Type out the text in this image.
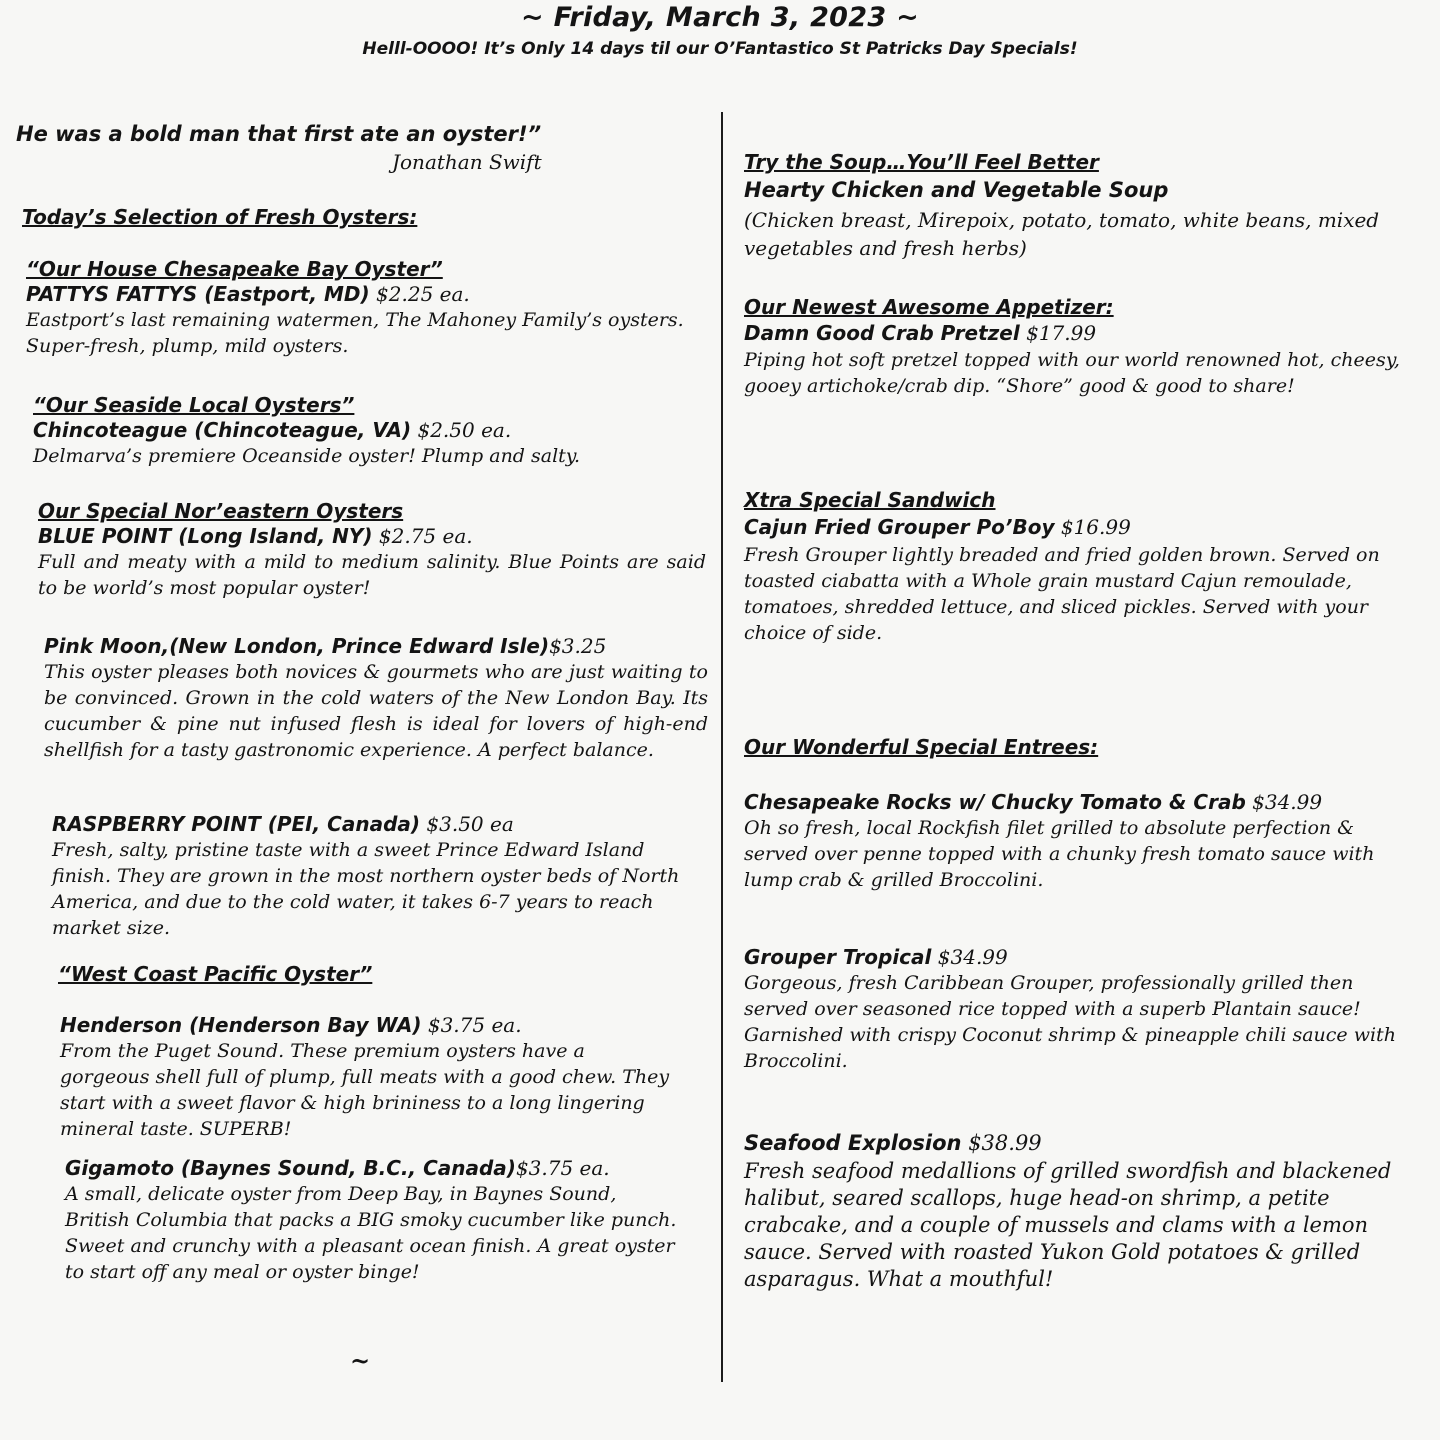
~ Friday, March 3, 2023 ~
Helll-OOOO! It’s Only 14 days til our O’Fantastico St Patricks Day Specials!
He was a bold man that first ate an oyster!”
Jonathan Swift
Today’s Selection of Fresh Oysters:
“Our House Chesapeake Bay Oyster”
PATTYS FATTYS (Eastport, MD) $2.25 ea.
Eastport’s last remaining watermen, The Mahoney Family’s oysters. Super-fresh, plump, mild oysters.
“Our Seaside Local Oysters”
Chincoteague (Chincoteague, VA) $2.50 ea.
Delmarva’s premiere Oceanside oyster! Plump and salty.
Our Special Nor’eastern Oysters
BLUE POINT (Long Island, NY) $2.75 ea.
Full and meaty with a mild to medium salinity. Blue Points are said to be world’s most popular oyster!
Pink Moon,(New London, Prince Edward Isle)$3.25
This oyster pleases both novices & gourmets who are just waiting to be convinced. Grown in the cold waters of the New London Bay. Its cucumber & pine nut infused flesh is ideal for lovers of high-end shellfish for a tasty gastronomic experience. A perfect balance.
RASPBERRY POINT (PEI, Canada) $3.50 ea
Fresh, salty, pristine taste with a sweet Prince Edward Island finish. They are grown in the most northern oyster beds of North America, and due to the cold water, it takes 6-7 years to reach market size.
“West Coast Pacific Oyster”
Henderson (Henderson Bay WA) $3.75 ea.
From the Puget Sound. These premium oysters have a gorgeous shell full of plump, full meats with a good chew. They start with a sweet flavor & high brininess to a long lingering mineral taste. SUPERB!
Gigamoto (Baynes Sound, B.C., Canada)$3.75 ea.
A small, delicate oyster from Deep Bay, in Baynes Sound, British Columbia that packs a BIG smoky cucumber like punch. Sweet and crunchy with a pleasant ocean finish. A great oyster to start off any meal or oyster binge!
~
Try the Soup…You’ll Feel Better
Hearty Chicken and Vegetable Soup
(Chicken breast, Mirepoix, potato, tomato, white beans, mixed vegetables and fresh herbs)
Our Newest Awesome Appetizer:
Damn Good Crab Pretzel $17.99
Piping hot soft pretzel topped with our world renowned hot, cheesy, gooey artichoke/crab dip. “Shore” good & good to share!
Xtra Special Sandwich
Cajun Fried Grouper Po’Boy $16.99
Fresh Grouper lightly breaded and fried golden brown. Served on toasted ciabatta with a Whole grain mustard Cajun remoulade, tomatoes, shredded lettuce, and sliced pickles. Served with your choice of side.
Our Wonderful Special Entrees:
Chesapeake Rocks w/ Chucky Tomato & Crab $34.99
Oh so fresh, local Rockfish filet grilled to absolute perfection & served over penne topped with a chunky fresh tomato sauce with lump crab & grilled Broccolini.
Grouper Tropical $34.99
Gorgeous, fresh Caribbean Grouper, professionally grilled then served over seasoned rice topped with a superb Plantain sauce! Garnished with crispy Coconut shrimp & pineapple chili sauce with Broccolini.
Seafood Explosion $38.99
Fresh seafood medallions of grilled swordfish and blackened halibut, seared scallops, huge head-on shrimp, a petite crabcake, and a couple of mussels and clams with a lemon sauce. Served with roasted Yukon Gold potatoes & grilled asparagus. What a mouthful!
